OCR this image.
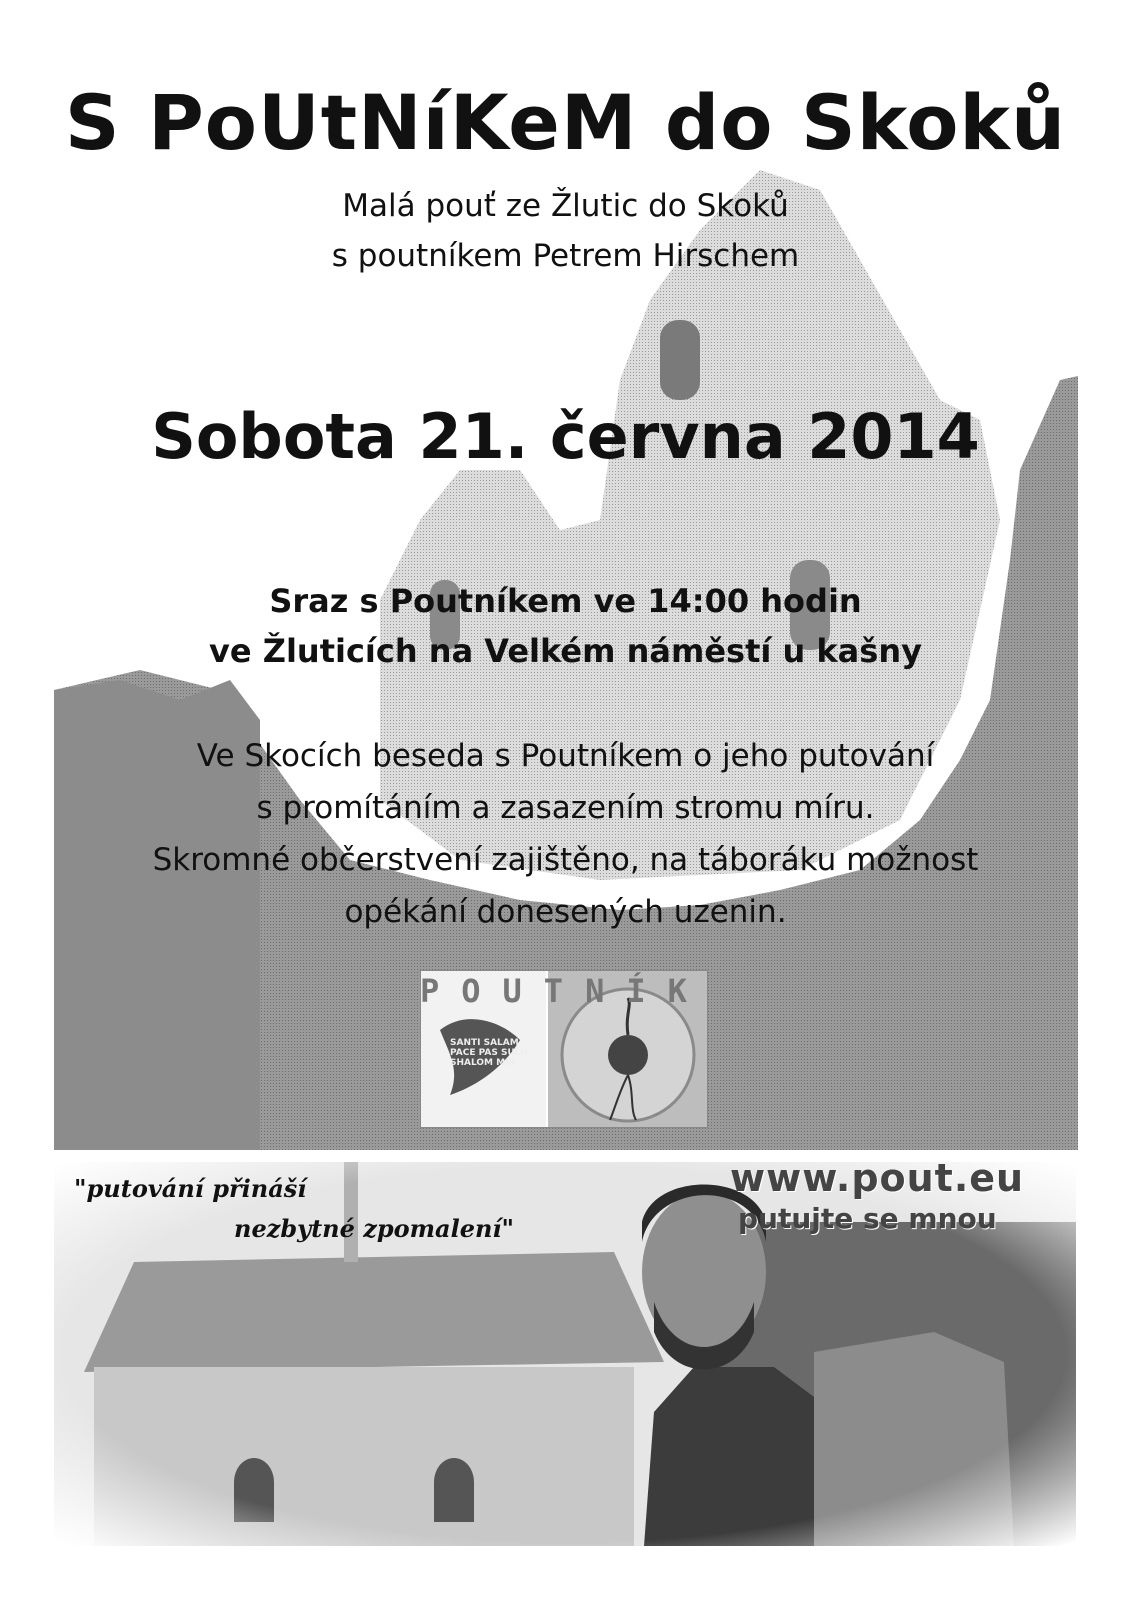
S PoUtNíKeM do Skoků
Malá pouť ze Žlutic do Skoků
s poutníkem Petrem Hirschem
Sobota 21. června 2014
Sraz s Poutníkem ve 14:00 hodin
ve Žluticích na Velkém náměstí u kašny
Ve Skocích beseda s Poutníkem o jeho putování
s promítáním a zasazením stromu míru.
Skromné občerstvení zajištěno, na táboráku možnost
opékání donesených uzenin.
POUTNÍK
SANTI SALAM PACE PAS SULH SHALOM MIR
"putování přináší
nezbytné zpomalení"
www.pout.eu
putujte se mnou
